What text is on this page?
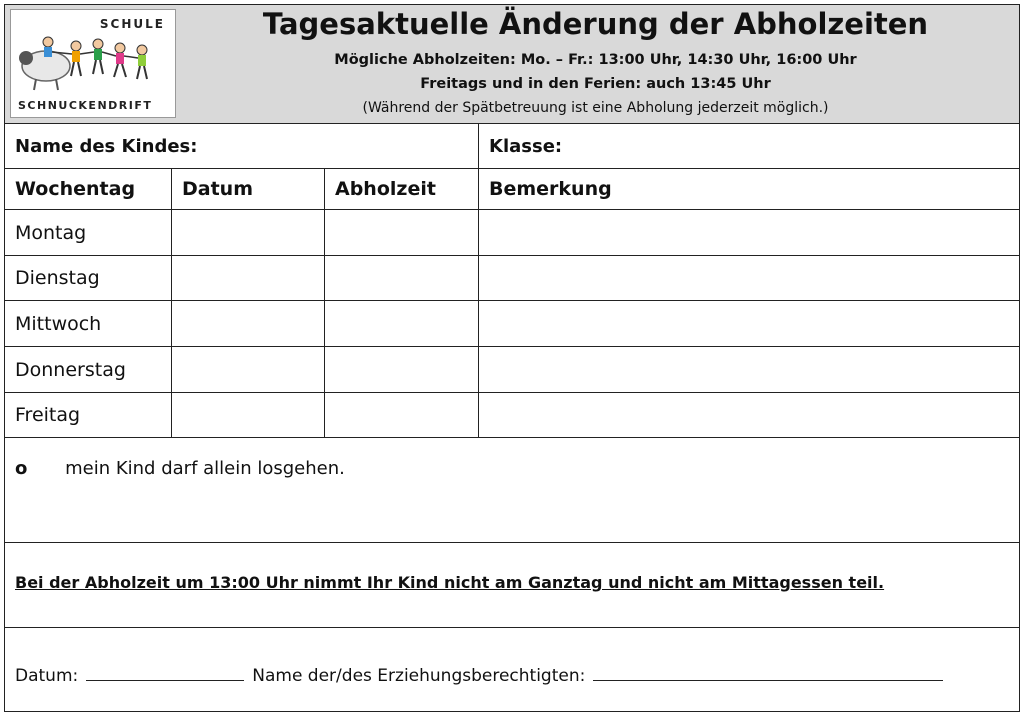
SCHULE
SCHNUCKENDRIFT
Tagesaktuelle Änderung der Abholzeiten
Mögliche Abholzeiten: Mo. – Fr.: 13:00 Uhr, 14:30 Uhr, 16:00 Uhr
Freitags und in den Ferien: auch 13:45 Uhr
(Während der Spätbetreuung ist eine Abholung jederzeit möglich.)
Name des Kindes:	Klasse:
Wochentag	Datum	Abholzeit	Bemerkung
Montag
Dienstag
Mittwoch
Donnerstag
Freitag
o mein Kind darf allein losgehen.
Bei der Abholzeit um 13:00 Uhr nimmt Ihr Kind nicht am Ganztag und nicht am Mittagessen teil.
Datum:	Name der/des Erziehungsberechtigten:
